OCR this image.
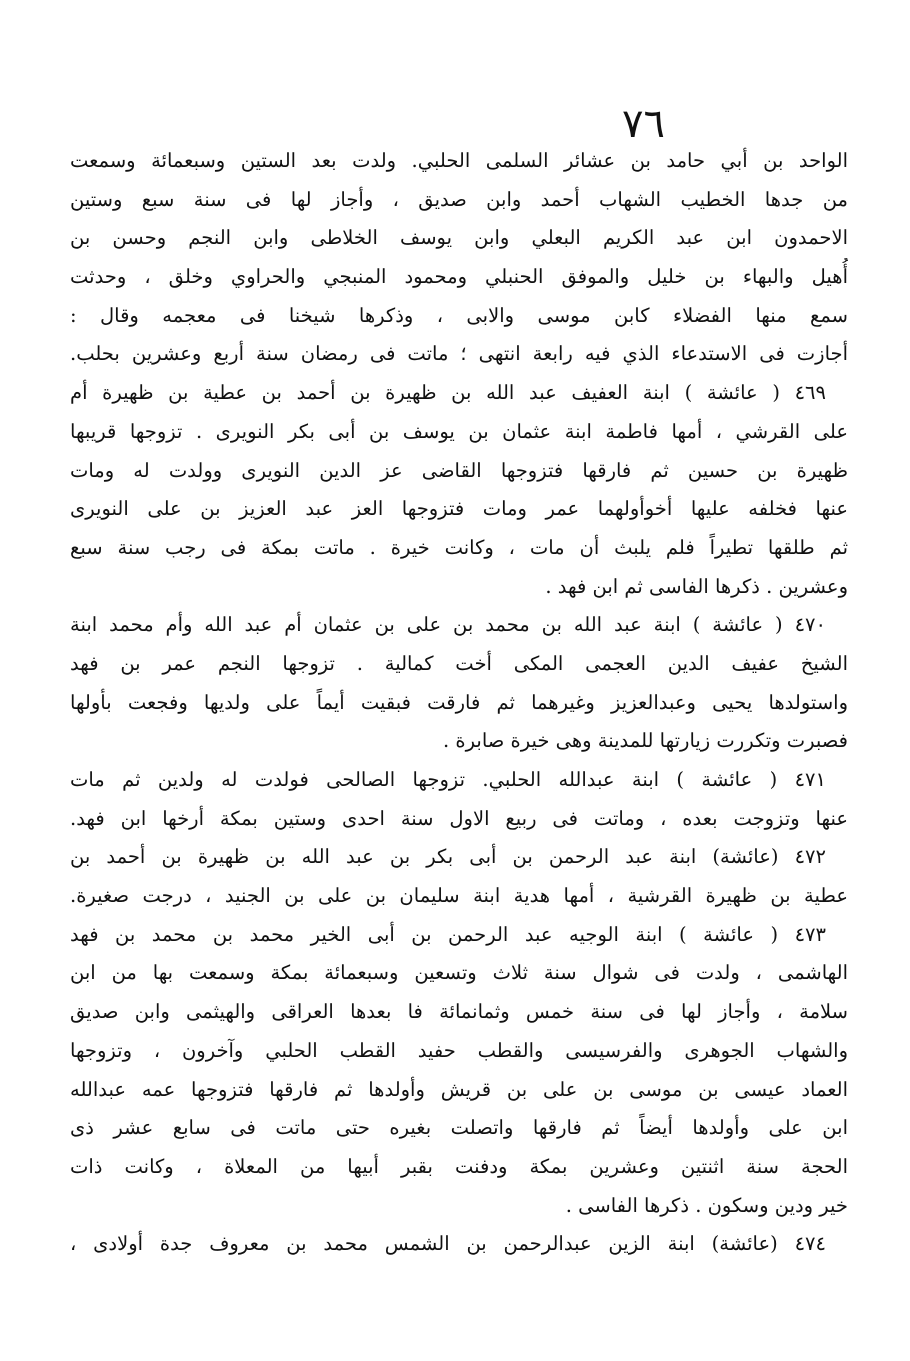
٧٦
الواحد بن أبي حامد بن عشائر السلمى الحلبي. ولدت بعد الستين وسبعمائة وسمعت
من جدها الخطيب الشهاب أحمد وابن صديق ، وأجاز لها فى سنة سبع وستين
الاحمدون ابن عبد الكريم البعلي وابن يوسف الخلاطى وابن النجم وحسن بن
أُهيل والبهاء بن خليل والموفق الحنبلي ومحمود المنبجي والحراوي وخلق ، وحدثت
سمع منها الفضلاء كابن موسى والابى ، وذكرها شيخنا فى معجمه وقال :
أجازت فى الاستدعاء الذي فيه رابعة انتهى ؛ ماتت فى رمضان سنة أربع وعشرين بحلب.
٤٦٩ ( عائشة ) ابنة العفيف عبد الله بن ظهيرة بن أحمد بن عطية بن ظهيرة أم
على القرشي ، أمها فاطمة ابنة عثمان بن يوسف بن أبى بكر النويرى . تزوجها قريبها
ظهيرة بن حسين ثم فارقها فتزوجها القاضى عز الدين النويرى وولدت له ومات
عنها فخلفه عليها أخوأولهما عمر ومات فتزوجها العز عبد العزيز بن على النويرى
ثم طلقها تطيراً فلم يلبث أن مات ، وكانت خيرة . ماتت بمكة فى رجب سنة سبع
وعشرين . ذكرها الفاسى ثم ابن فهد .
٤٧٠ ( عائشة ) ابنة عبد الله بن محمد بن على بن عثمان أم عبد الله وأم محمد ابنة
الشيخ عفيف الدين العجمى المكى أخت كمالية . تزوجها النجم عمر بن فهد
واستولدها يحيى وعبدالعزيز وغيرهما ثم فارقت فبقيت أيماً على ولديها وفجعت بأولها
فصبرت وتكررت زيارتها للمدينة وهى خيرة صابرة .
٤٧١ ( عائشة ) ابنة عبدالله الحلبي. تزوجها الصالحى فولدت له ولدين ثم مات
عنها وتزوجت بعده ، وماتت فى ربيع الاول سنة احدى وستين بمكة أرخها ابن فهد.
٤٧٢ (عائشة) ابنة عبد الرحمن بن أبى بكر بن عبد الله بن ظهيرة بن أحمد بن
عطية بن ظهيرة القرشية ، أمها هدية ابنة سليمان بن على بن الجنيد ، درجت صغيرة.
٤٧٣ ( عائشة ) ابنة الوجيه عبد الرحمن بن أبى الخير محمد بن محمد بن فهد
الهاشمى ، ولدت فى شوال سنة ثلاث وتسعين وسبعمائة بمكة وسمعت بها من ابن
سلامة ، وأجاز لها فى سنة خمس وثمانمائة فا بعدها العراقى والهيثمى وابن صديق
والشهاب الجوهرى والفرسيسى والقطب حفيد القطب الحلبي وآخرون ، وتزوجها
العماد عيسى بن موسى بن على بن قريش وأولدها ثم فارقها فتزوجها عمه عبدالله
ابن على وأولدها أيضاً ثم فارقها واتصلت بغيره حتى ماتت فى سابع عشر ذى
الحجة سنة اثنتين وعشرين بمكة ودفنت بقبر أبيها من المعلاة ، وكانت ذات
خير ودين وسكون . ذكرها الفاسى .
٤٧٤ (عائشة) ابنة الزين عبدالرحمن بن الشمس محمد بن معروف جدة أولادى ،
